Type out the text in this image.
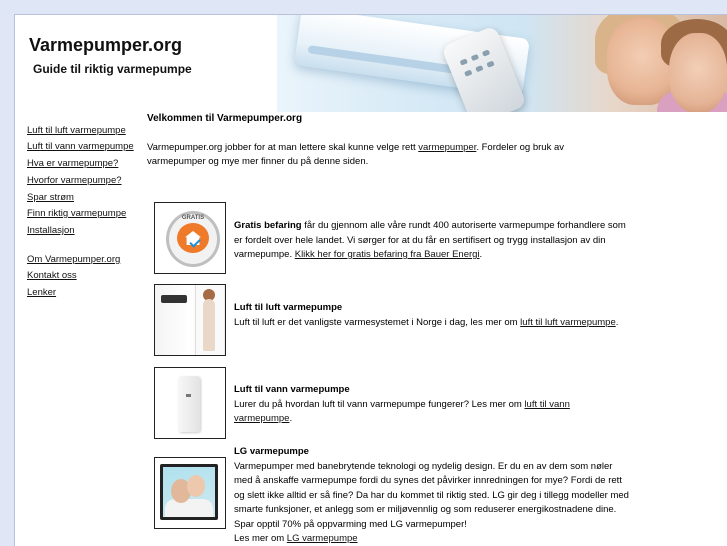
Varmepumper.org
Guide til riktig varmepumpe
Luft til luft varmepumpe
Luft til vann varmepumpe
Hva er varmepumpe?
Hvorfor varmepumpe?
Spar strøm
Finn riktig varmepumpe
Installasjon
Om Varmepumper.org
Kontakt oss
Lenker
Velkommen til Varmepumper.org
Varmepumper.org jobber for at man lettere skal kunne velge rett varmepumper. Fordeler og bruk av varmepumper og mye mer finner du på denne siden.
GRATIS
Gratis befaring får du gjennom alle våre rundt 400 autoriserte varmepumpe forhandlere som er fordelt over hele landet. Vi sørger for at du får en sertifisert og trygg installasjon av din varmepumpe. Klikk her for gratis befaring fra Bauer Energi.
Luft til luft varmepumpe
Luft til luft er det vanligste varmesystemet i Norge i dag, les mer om luft til luft varmepumpe.
Luft til vann varmepumpe
Lurer du på hvordan luft til vann varmepumpe fungerer? Les mer om luft til vann varmepumpe.
LG varmepumpe
Varmepumper med banebrytende teknologi og nydelig design. Er du en av dem som nøler med å anskaffe varmepumpe fordi du synes det påvirker innredningen for mye? Fordi de rett og slett ikke alltid er så fine? Da har du kommet til riktig sted. LG gir deg i tillegg modeller med smarte funksjoner, et anlegg som er miljøvennlig og som reduserer energikostnadene dine. Spar opptil 70% på oppvarming med LG varmepumper!
Les mer om LG varmepumpe
